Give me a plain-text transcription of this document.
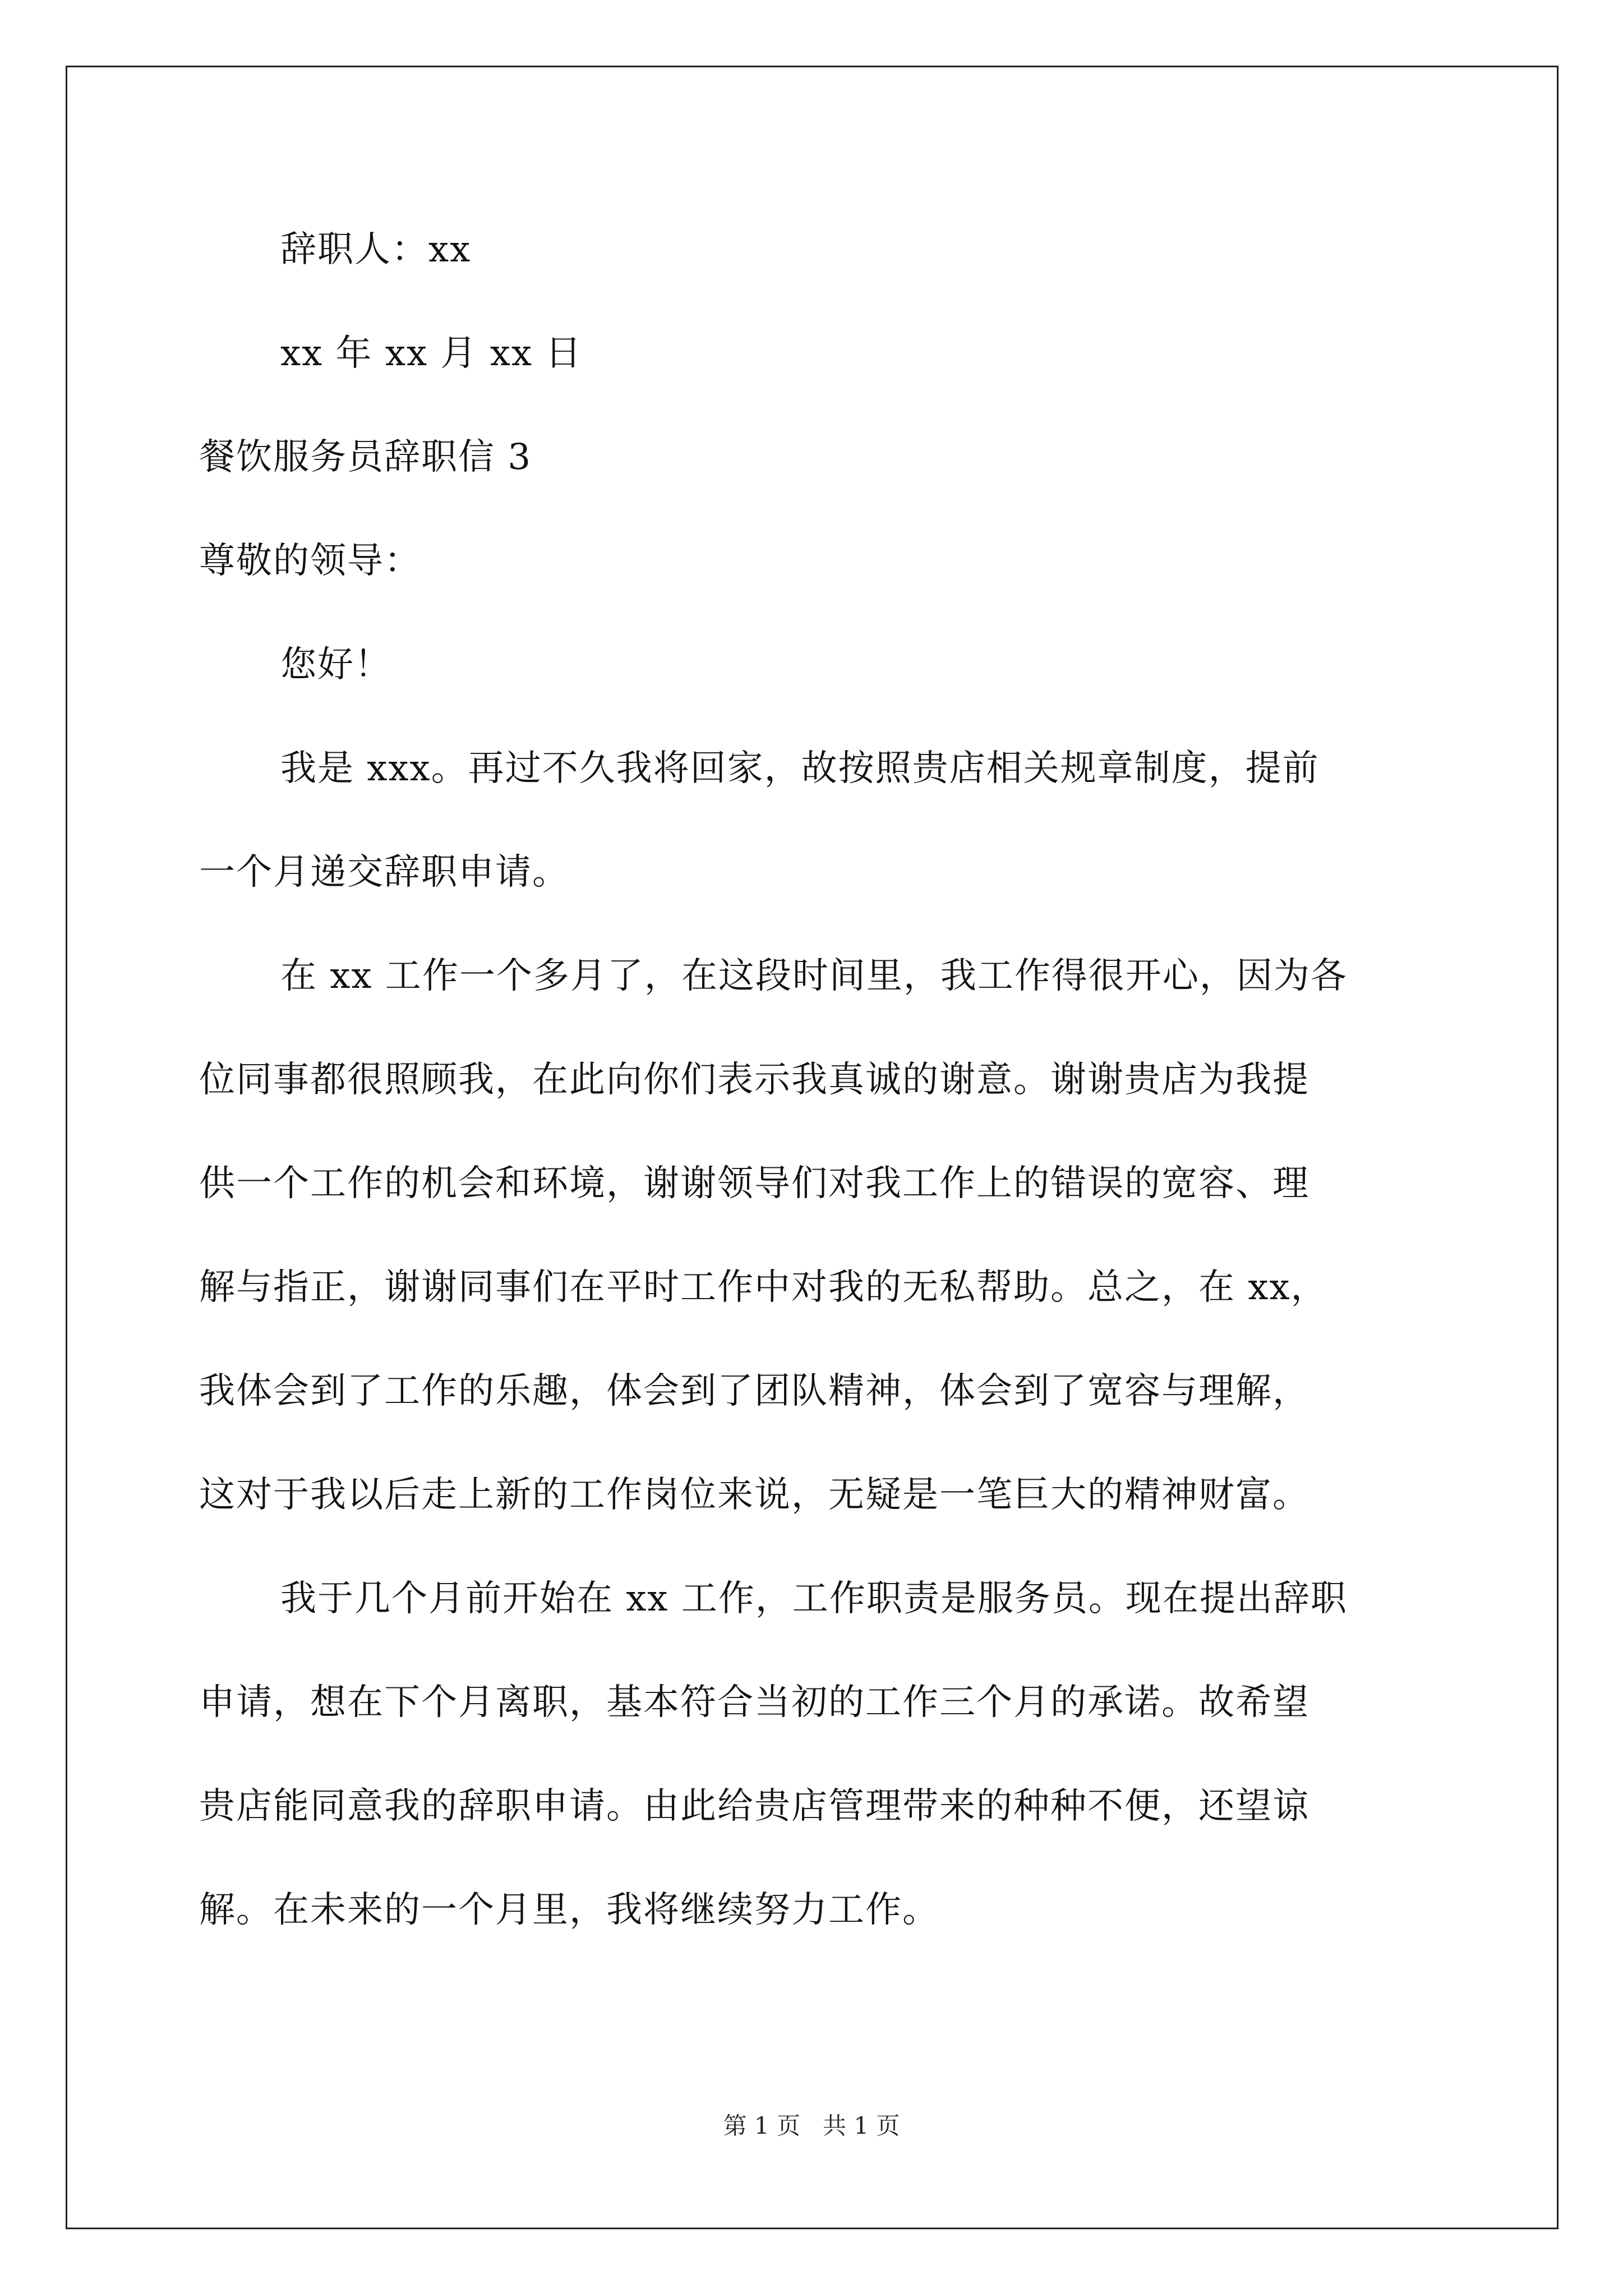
辞职人：xx
xx 年 xx 月 xx 日
餐饮服务员辞职信 3
尊敬的领导：
您好！
我是 xxx。再过不久我将回家，故按照贵店相关规章制度，提前
一个月递交辞职申请。
在 xx 工作一个多月了，在这段时间里，我工作得很开心，因为各
位同事都很照顾我，在此向你们表示我真诚的谢意。谢谢贵店为我提
供一个工作的机会和环境，谢谢领导们对我工作上的错误的宽容、理
解与指正，谢谢同事们在平时工作中对我的无私帮助。总之，在 xx，
我体会到了工作的乐趣，体会到了团队精神，体会到了宽容与理解，
这对于我以后走上新的工作岗位来说，无疑是一笔巨大的精神财富。
我于几个月前开始在 xx 工作，工作职责是服务员。现在提出辞职
申请，想在下个月离职，基本符合当初的工作三个月的承诺。故希望
贵店能同意我的辞职申请。由此给贵店管理带来的种种不便，还望谅
解。在未来的一个月里，我将继续努力工作。
第 1 页 共 1 页
